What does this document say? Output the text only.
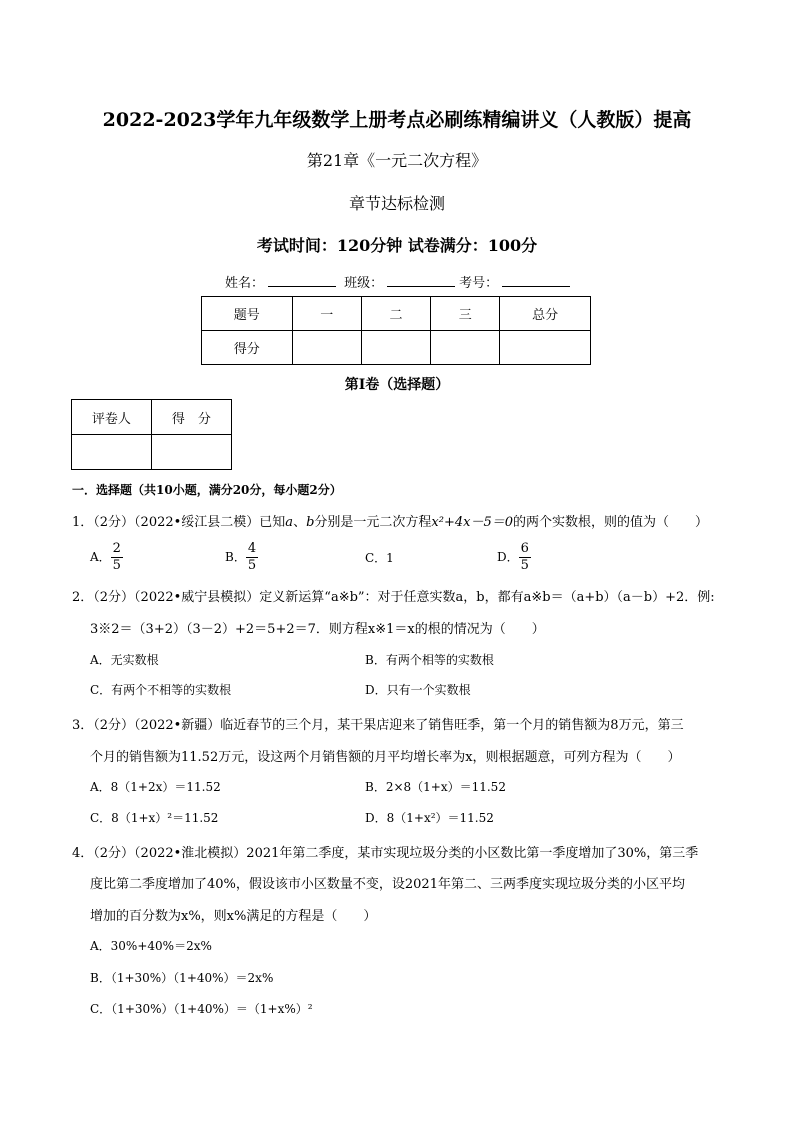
2022-2023学年九年级数学上册考点必刷练精编讲义（人教版）提高
第21章《一元二次方程》
章节达标检测
考试时间：120分钟 试卷满分：100分
姓名：	班级：	考号：
题号	一	二	三	总分
得分				
第Ⅰ卷（选择题）
评卷人	得　分

一．选择题（共10小题，满分20分，每小题2分）
1．（2分）（2022•绥江县二模）已知a、b分别是一元二次方程x²+4x－5＝0的两个实数根，则的值为（　　）
A． $\frac{2}{5}$	B． $\frac{4}{5}$	C．1	D． $\frac{6}{5}$
2．（2分）（2022•威宁县模拟）定义新运算“a※b”：对于任意实数a，b，都有a※b＝（a+b）（a－b）+2．例:
3※2＝（3+2）（3－2）+2＝5+2＝7．则方程x※1＝x的根的情况为（　　）
A．无实数根	B．有两个相等的实数根
C．有两个不相等的实数根	D．只有一个实数根
3．（2分）（2022•新疆）临近春节的三个月，某干果店迎来了销售旺季，第一个月的销售额为8万元，第三
个月的销售额为11.52万元，设这两个月销售额的月平均增长率为x，则根据题意，可列方程为（　　）
A．8（1+2x）＝11.52	B．2×8（1+x）＝11.52
C．8（1+x）²＝11.52	D．8（1+x²）＝11.52
4．（2分）（2022•淮北模拟）2021年第二季度，某市实现垃圾分类的小区数比第一季度增加了30%，第三季
度比第二季度增加了40%，假设该市小区数量不变，设2021年第二、三两季度实现垃圾分类的小区平均
增加的百分数为x%，则x%满足的方程是（　　）
A．30%+40%＝2x%
B．（1+30%）（1+40%）＝2x%
C．（1+30%）（1+40%）＝（1+x%）²
